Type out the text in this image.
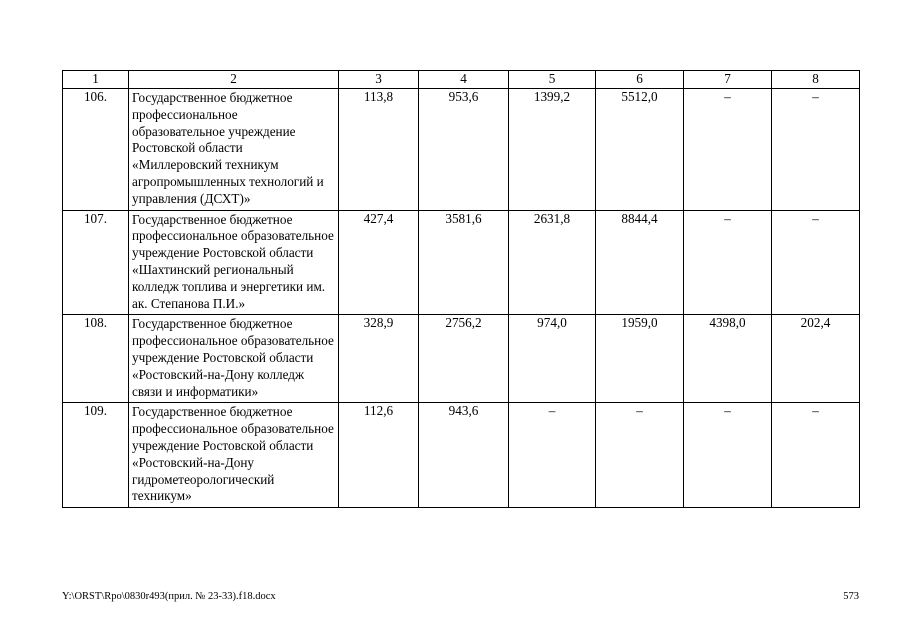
1	2	3	4	5	6	7	8
106.	Государственное бюджетное профессиональное образовательное учреждение Ростовской области «Миллеровский техникум агропромышленных технологий и управления (ДСХТ)»	113,8	953,6	1399,2	5512,0	–	–
107.	Государственное бюджетное профессиональное образовательное учреждение Ростовской области «Шахтинский региональный колледж топлива и энергетики им. ак. Степанова П.И.»	427,4	3581,6	2631,8	8844,4	–	–
108.	Государственное бюджетное профессиональное образовательное учреждение Ростовской области «Ростовский-на-Дону колледж связи и информатики»	328,9	2756,2	974,0	1959,0	4398,0	202,4
109.	Государственное бюджетное профессиональное образовательное учреждение Ростовской области «Ростовский-на-Дону гидрометеорологический техникум»	112,6	943,6	–	–	–	–
Y:\ORST\Rpo\0830r493(прил. № 23-33).f18.docx	573
